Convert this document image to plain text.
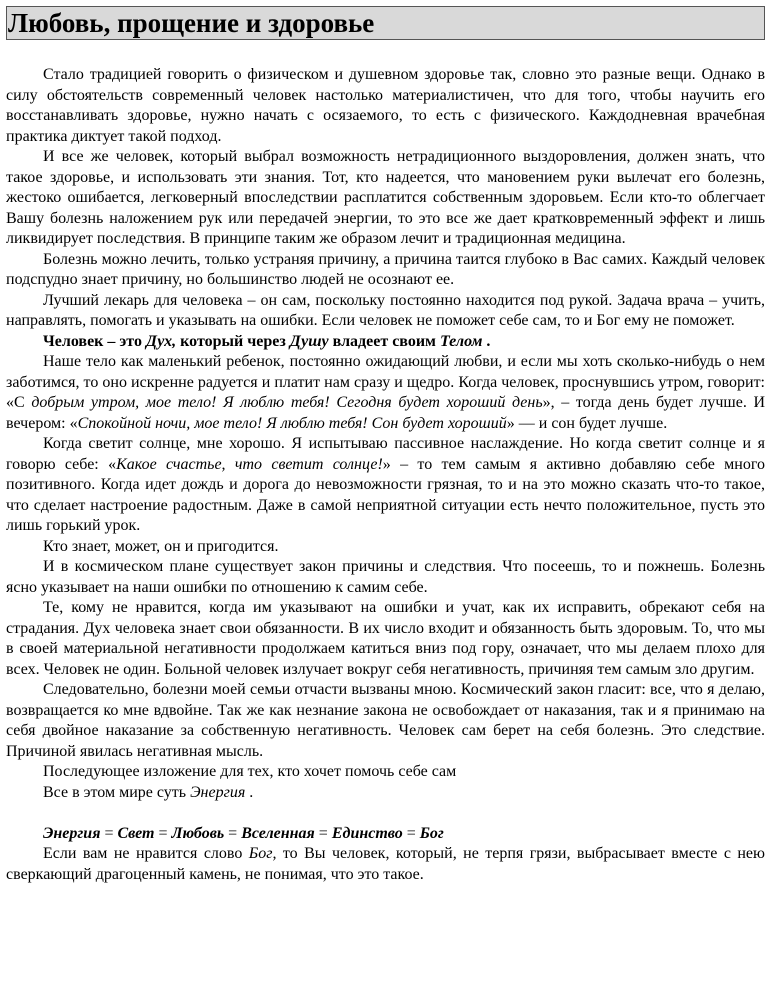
Любовь, прощение и здоровье

Стало традицией говорить о физическом и душевном здоровье так, словно это разные вещи. Однако в силу обстоятельств современный человек настолько материалистичен, что для того, чтобы научить его восстанавливать здоровье, нужно начать с осязаемого, то есть с физического. Каждодневная врачебная практика диктует такой подход.

И все же человек, который выбрал возможность нетрадиционного выздоровления, должен знать, что такое здоровье, и использовать эти знания. Тот, кто надеется, что мановением руки вылечат его болезнь, жестоко ошибается, легковерный впоследствии расплатится собственным здоровьем. Если кто-то облегчает Вашу болезнь наложением рук или передачей энергии, то это все же дает кратковременный эффект и лишь ликвидирует последствия. В принципе таким же образом лечит и традиционная медицина.

Болезнь можно лечить, только устраняя причину, а причина таится глубоко в Вас самих. Каждый человек подспудно знает причину, но большинство людей не осознают ее.

Лучший лекарь для человека – он сам, поскольку постоянно находится под рукой. Задача врача – учить, направлять, помогать и указывать на ошибки. Если человек не поможет себе сам, то и Бог ему не поможет.

Человек – это Дух, который через Душу владеет своим Телом .

Наше тело как маленький ребенок, постоянно ожидающий любви, и если мы хоть сколько-нибудь о нем заботимся, то оно искренне радуется и платит нам сразу и щедро. Когда человек, проснувшись утром, говорит: «С добрым утром, мое тело! Я люблю тебя! Сегодня будет хороший день», – тогда день будет лучше. И вечером: «Спокойной ночи, мое тело! Я люблю тебя! Сон будет хороший» — и сон будет лучше.

Когда светит солнце, мне хорошо. Я испытываю пассивное наслаждение. Но когда светит солнце и я говорю себе: «Какое счастье, что светит солнце!» – то тем самым я активно добавляю себе много позитивного. Когда идет дождь и дорога до невозможности грязная, то и на это можно сказать что-то такое, что сделает настроение радостным. Даже в самой неприятной ситуации есть нечто положительное, пусть это лишь горький урок.

Кто знает, может, он и пригодится.

И в космическом плане существует закон причины и следствия. Что посеешь, то и пожнешь. Болезнь ясно указывает на наши ошибки по отношению к самим себе.

Те, кому не нравится, когда им указывают на ошибки и учат, как их исправить, обрекают себя на страдания. Дух человека знает свои обязанности. В их число входит и обязанность быть здоровым. То, что мы в своей материальной негативности продолжаем катиться вниз под гору, означает, что мы делаем плохо для всех. Человек не один. Больной человек излучает вокруг себя негативность, причиняя тем самым зло другим.

Следовательно, болезни моей семьи отчасти вызваны мною. Космический закон гласит: все, что я делаю, возвращается ко мне вдвойне. Так же как незнание закона не освобождает от наказания, так и я принимаю на себя двойное наказание за собственную негативность. Человек сам берет на себя болезнь. Это следствие. Причиной явилась негативная мысль.

Последующее изложение для тех, кто хочет помочь себе сам

Все в этом мире суть Энергия .

Энергия = Свет = Любовь = Вселенная = Единство = Бог

Если вам не нравится слово Бог, то Вы человек, который, не терпя грязи, выбрасывает вместе с нею сверкающий драгоценный камень, не понимая, что это такое.
